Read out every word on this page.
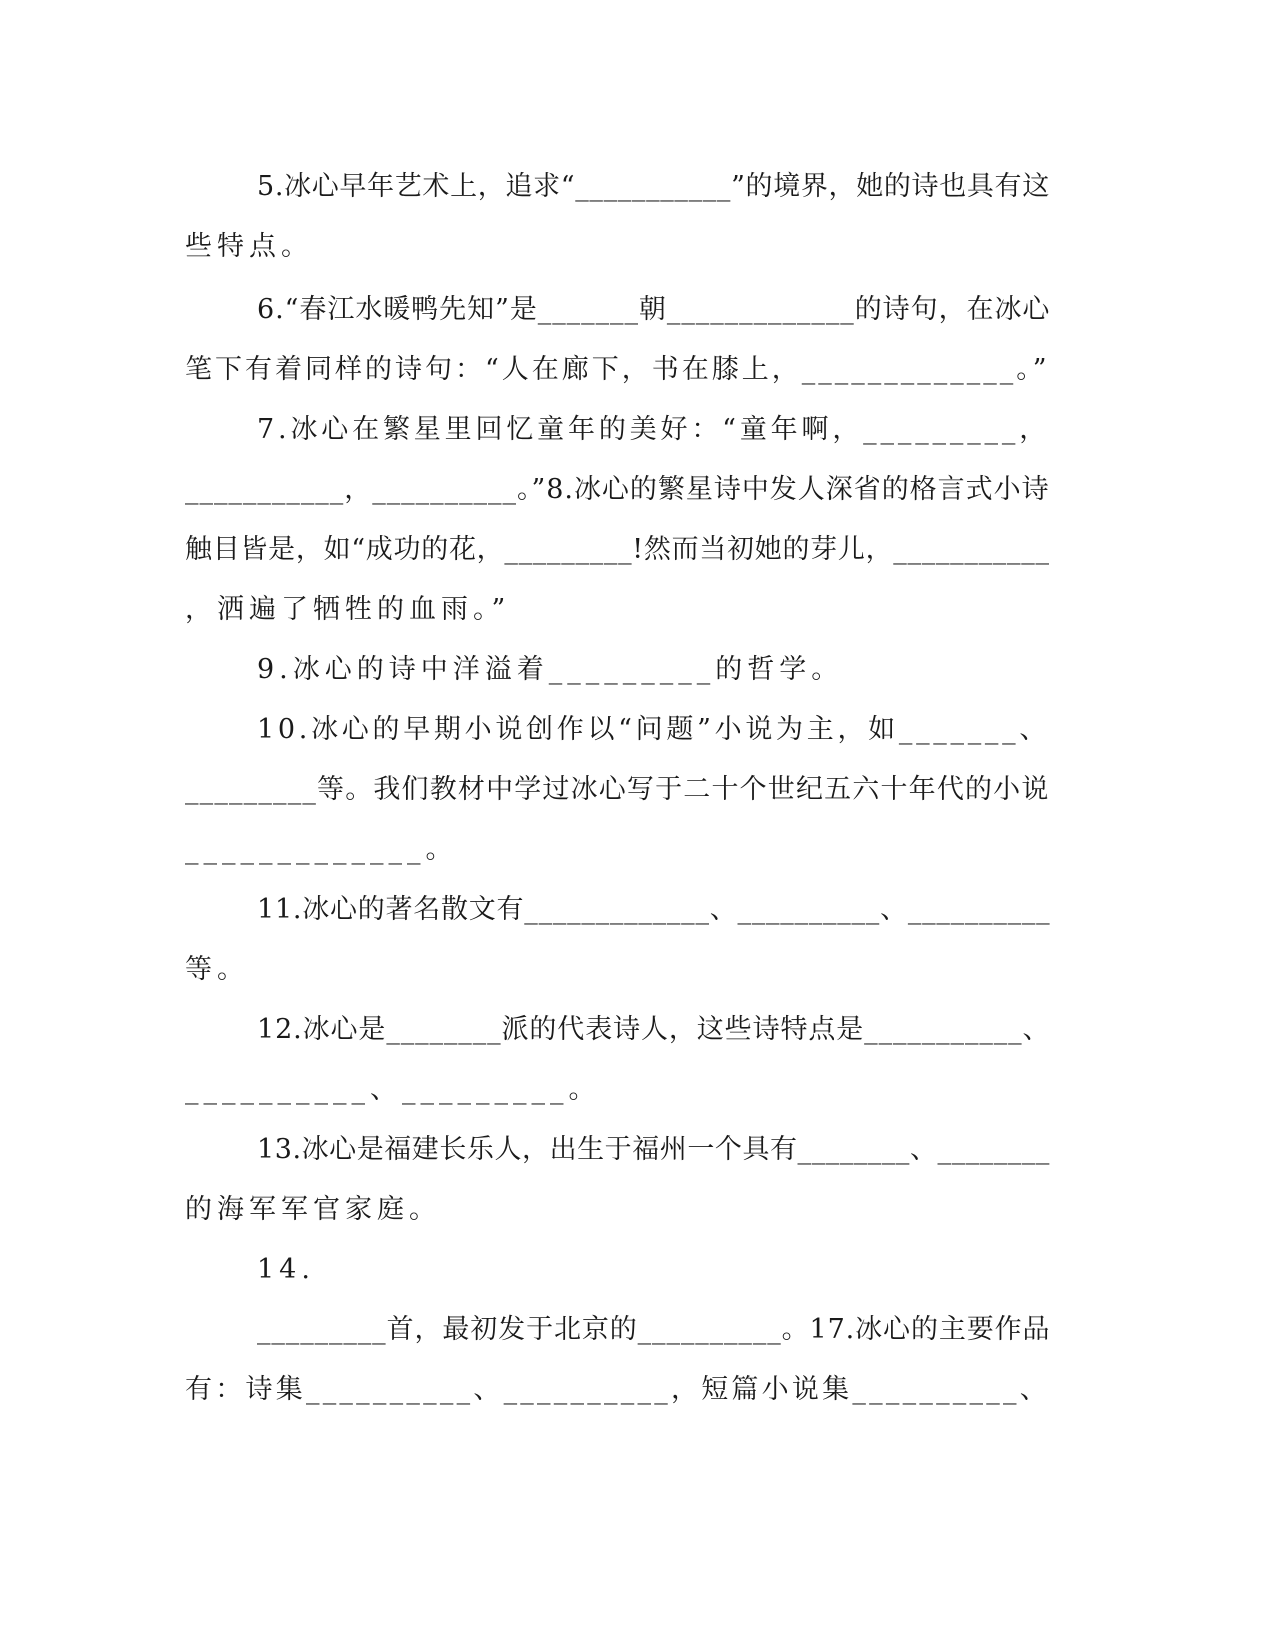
5.冰心早年艺术上，追求“___________”的境界，她的诗也具有这
些特点。
6.“春江水暖鸭先知”是_______朝_____________的诗句，在冰心
笔下有着同样的诗句：“人在廊下，书在膝上，_____________。”
7.冰心在繁星里回忆童年的美好：“童年啊，_________，
___________，__________。”8.冰心的繁星诗中发人深省的格言式小诗
触目皆是，如“成功的花，_________!然而当初她的芽儿，___________
，洒遍了牺牲的血雨。”
9.冰心的诗中洋溢着_________的哲学。
10.冰心的早期小说创作以“问题”小说为主，如_______、
_________等。我们教材中学过冰心写于二十个世纪五六十年代的小说
_____________。
11.冰心的著名散文有_____________、__________、__________
等。
12.冰心是________派的代表诗人，这些诗特点是___________、
__________、_________。
13.冰心是福建长乐人，出生于福州一个具有________、________
的海军军官家庭。
14.
_________首，最初发于北京的__________。17.冰心的主要作品
有：诗集__________、__________，短篇小说集__________、
